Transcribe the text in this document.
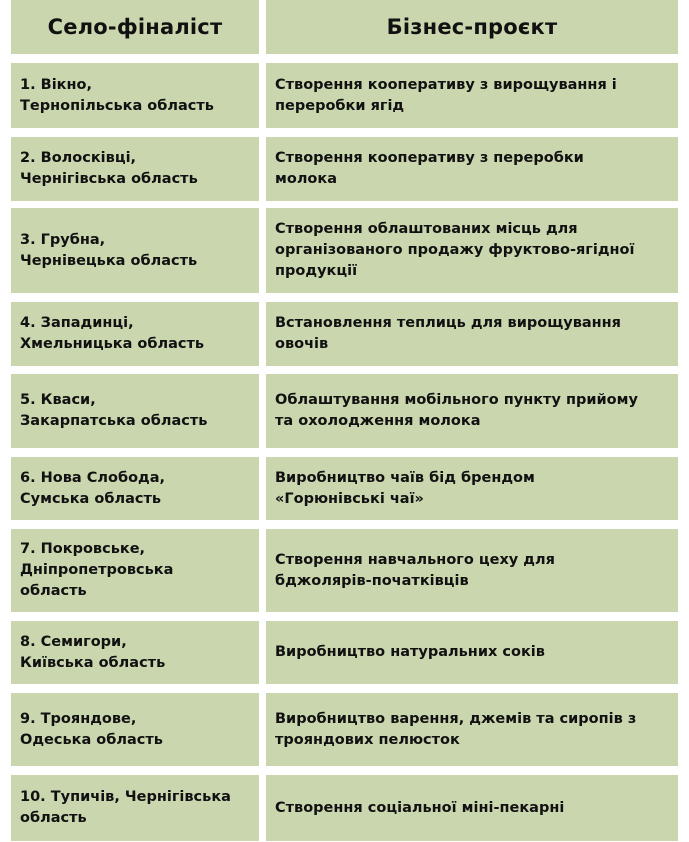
Село-фіналіст	Бізнес-проєкт
1. Вікно,
Тернопільська область
Створення кооперативу з вирощування і
переробки ягід
2. Волосківці,
Чернігівська область
Створення кооперативу з переробки
молока
3. Грубна,
Чернівецька область
Створення облаштованих місць для
організованого продажу фруктово-ягідної
продукції
4. Западинці,
Хмельницька область
Встановлення теплиць для вирощування
овочів
5. Кваси,
Закарпатська область
Облаштування мобільного пункту прийому
та охолодження молока
6. Нова Слобода,
Сумська область
Виробництво чаїв бід брендом
«Горюнівські чаї»
7. Покровське,
Дніпропетровська
область
Створення навчального цеху для
бджолярів-початківців
8. Семигори,
Київська область
Виробництво натуральних соків
9. Трояндове,
Одеська область
Виробництво варення, джемів та сиропів з
трояндових пелюсток
10. Тупичів, Чернігівська
область
Створення соціальної міні-пекарні
